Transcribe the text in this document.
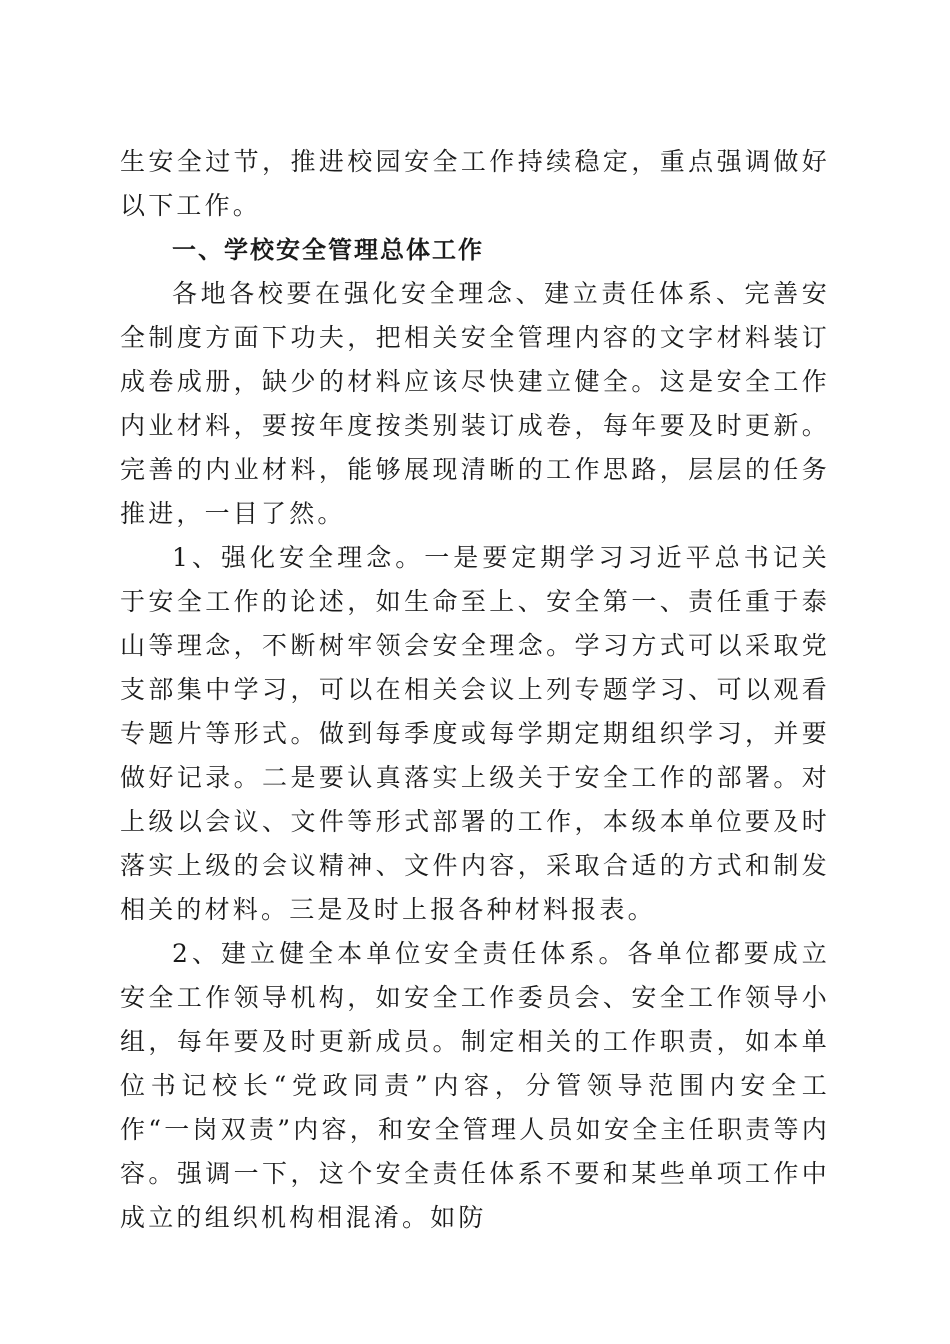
生安全过节，推进校园安全工作持续稳定，重点强调做好以下工作。

一、学校安全管理总体工作

各地各校要在强化安全理念、建立责任体系、完善安全制度方面下功夫，把相关安全管理内容的文字材料装订成卷成册，缺少的材料应该尽快建立健全。这是安全工作内业材料，要按年度按类别装订成卷，每年要及时更新。完善的内业材料，能够展现清晰的工作思路，层层的任务推进，一目了然。

1、强化安全理念。一是要定期学习习近平总书记关于安全工作的论述，如生命至上、安全第一、责任重于泰山等理念，不断树牢领会安全理念。学习方式可以采取党支部集中学习，可以在相关会议上列专题学习、可以观看专题片等形式。做到每季度或每学期定期组织学习，并要做好记录。二是要认真落实上级关于安全工作的部署。对上级以会议、文件等形式部署的工作，本级本单位要及时落实上级的会议精神、文件内容，采取合适的方式和制发相关的材料。三是及时上报各种材料报表。

2、建立健全本单位安全责任体系。各单位都要成立安全工作领导机构，如安全工作委员会、安全工作领导小组，每年要及时更新成员。制定相关的工作职责，如本单位书记校长“党政同责”内容，分管领导范围内安全工作“一岗双责”内容，和安全管理人员如安全主任职责等内容。强调一下，这个安全责任体系不要和某些单项工作中成立的组织机构相混淆。如防
